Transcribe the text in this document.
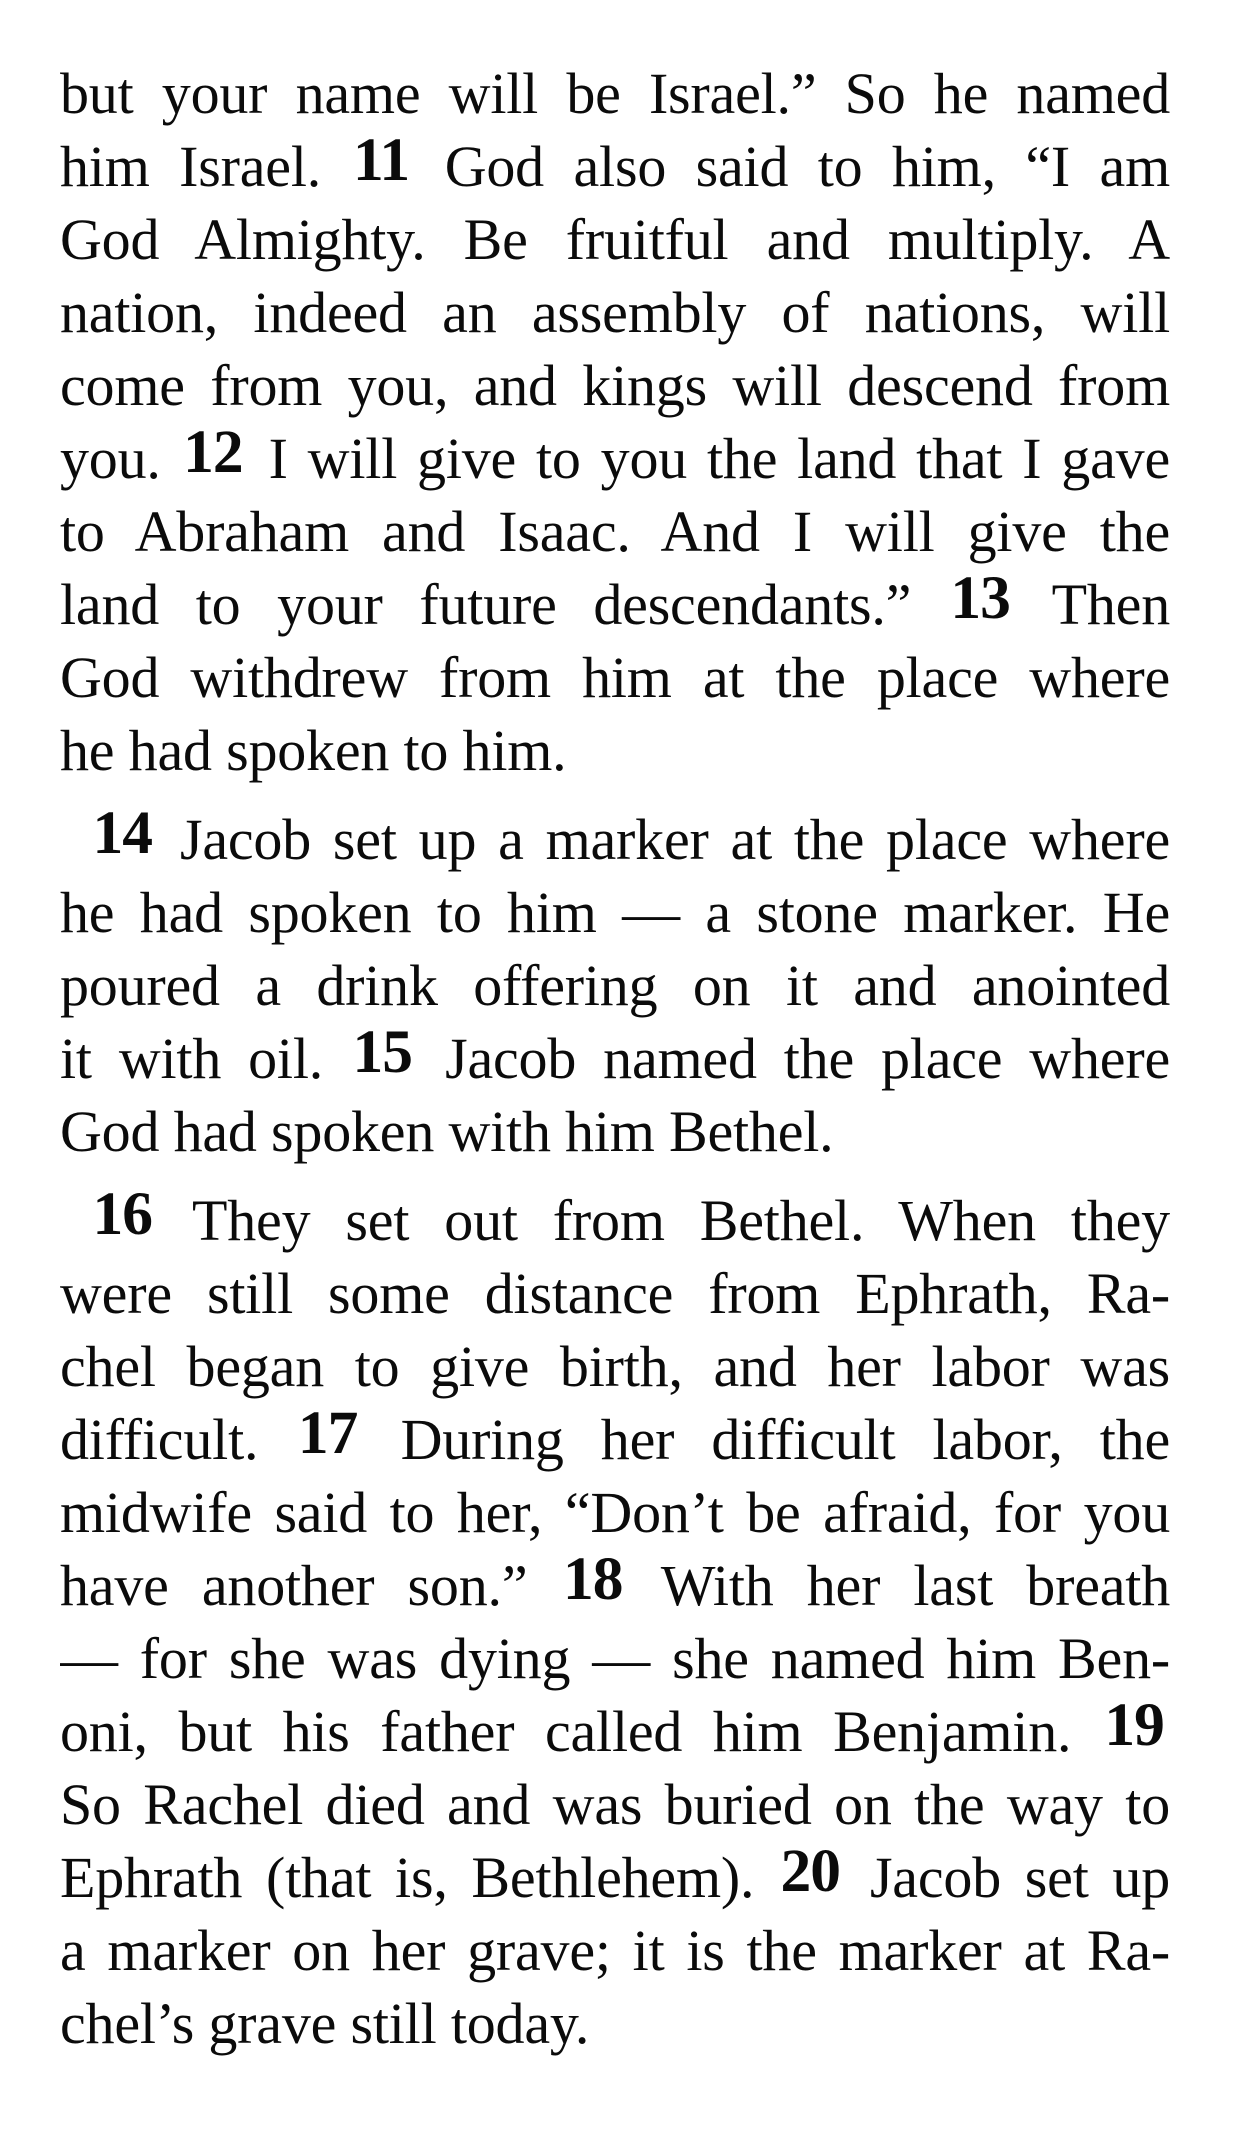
but your name will be Israel.” So he named
him Israel. 11 God also said to him, “I am
God Almighty. Be fruitful and multiply. A
nation, indeed an assembly of nations, will
come from you, and kings will descend from
you. 12 I will give to you the land that I gave
to Abraham and Isaac. And I will give the
land to your future descendants.” 13 Then
God withdrew from him at the place where
he had spoken to him.
14 Jacob set up a marker at the place where
he had spoken to him — a stone marker. He
poured a drink offering on it and anointed
it with oil. 15 Jacob named the place where
God had spoken with him Bethel.
16 They set out from Bethel. When they
were still some distance from Ephrath, Ra-
chel began to give birth, and her labor was
difficult. 17 During her difficult labor, the
midwife said to her, “Don’t be afraid, for you
have another son.” 18 With her last breath
— for she was dying — she named him Ben-
oni, but his father called him Benjamin. 19
So Rachel died and was buried on the way to
Ephrath (that is, Bethlehem). 20 Jacob set up
a marker on her grave; it is the marker at Ra-
chel’s grave still today.
